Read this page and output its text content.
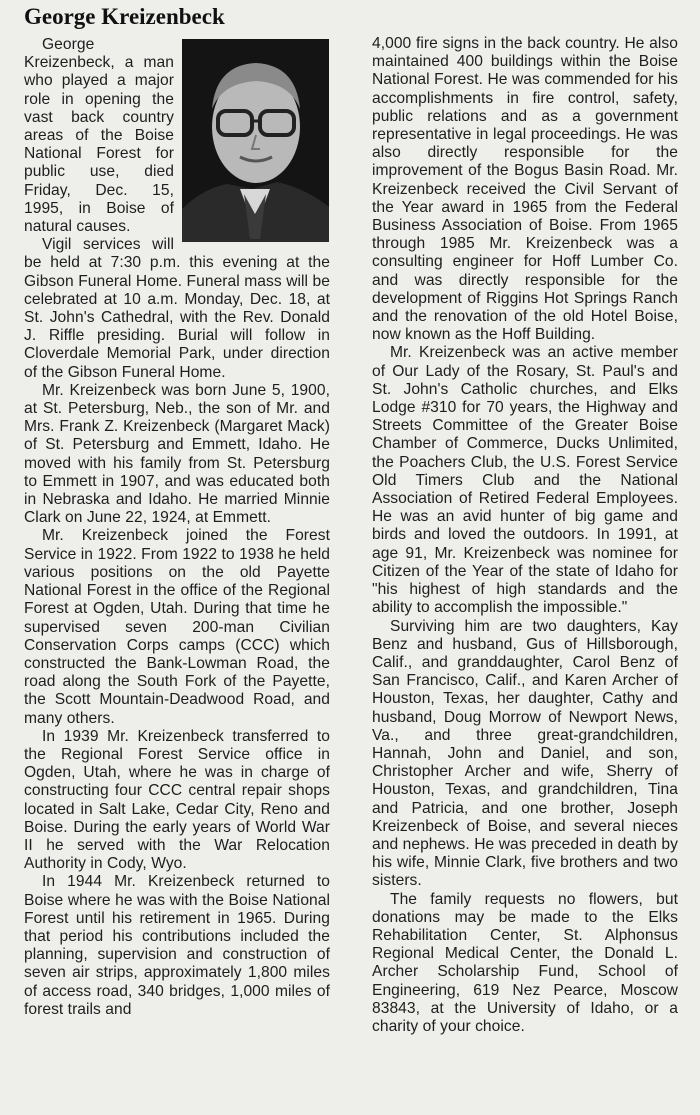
George Kreizenbeck

George Kreizenbeck, a man who played a major role in opening the vast back country areas of the Boise National Forest for public use, died Friday, Dec. 15, 1995, in Boise of natural causes.

Vigil services will be held at 7:30 p.m. this evening at the Gibson Funeral Home. Funeral mass will be celebrated at 10 a.m. Monday, Dec. 18, at St. John's Cathedral, with the Rev. Donald J. Riffle presiding. Burial will follow in Cloverdale Memorial Park, under direction of the Gibson Funeral Home.

Mr. Kreizenbeck was born June 5, 1900, at St. Petersburg, Neb., the son of Mr. and Mrs. Frank Z. Kreizenbeck (Margaret Mack) of St. Petersburg and Emmett, Idaho. He moved with his family from St. Petersburg to Emmett in 1907, and was educated both in Nebraska and Idaho. He married Minnie Clark on June 22, 1924, at Emmett.

Mr. Kreizenbeck joined the Forest Service in 1922. From 1922 to 1938 he held various positions on the old Payette National Forest in the office of the Regional Forest at Ogden, Utah. During that time he supervised seven 200-man Civilian Conservation Corps camps (CCC) which constructed the Bank-Lowman Road, the road along the South Fork of the Payette, the Scott Mountain-Deadwood Road, and many others.

In 1939 Mr. Kreizenbeck transferred to the Regional Forest Service office in Ogden, Utah, where he was in charge of constructing four CCC central repair shops located in Salt Lake, Cedar City, Reno and Boise. During the early years of World War II he served with the War Relocation Authority in Cody, Wyo.

In 1944 Mr. Kreizenbeck returned to Boise where he was with the Boise National Forest until his retirement in 1965. During that period his contributions included the planning, supervision and construction of seven air strips, approximately 1,800 miles of access road, 340 bridges, 1,000 miles of forest trails and

4,000 fire signs in the back country. He also maintained 400 buildings within the Boise National Forest. He was commended for his accomplishments in fire control, safety, public relations and as a government representative in legal proceedings. He was also directly responsible for the improvement of the Bogus Basin Road. Mr. Kreizenbeck received the Civil Servant of the Year award in 1965 from the Federal Business Association of Boise. From 1965 through 1985 Mr. Kreizenbeck was a consulting engineer for Hoff Lumber Co. and was directly responsible for the development of Riggins Hot Springs Ranch and the renovation of the old Hotel Boise, now known as the Hoff Building.

Mr. Kreizenbeck was an active member of Our Lady of the Rosary, St. Paul's and St. John's Catholic churches, and Elks Lodge #310 for 70 years, the Highway and Streets Committee of the Greater Boise Chamber of Commerce, Ducks Unlimited, the Poachers Club, the U.S. Forest Service Old Timers Club and the National Association of Retired Federal Employees. He was an avid hunter of big game and birds and loved the outdoors. In 1991, at age 91, Mr. Kreizenbeck was nominee for Citizen of the Year of the state of Idaho for "his highest of high standards and the ability to accomplish the impossible."

Surviving him are two daughters, Kay Benz and husband, Gus of Hillsborough, Calif., and granddaughter, Carol Benz of San Francisco, Calif., and Karen Archer of Houston, Texas, her daughter, Cathy and husband, Doug Morrow of Newport News, Va., and three great-grandchildren, Hannah, John and Daniel, and son, Christopher Archer and wife, Sherry of Houston, Texas, and grandchildren, Tina and Patricia, and one brother, Joseph Kreizenbeck of Boise, and several nieces and nephews. He was preceded in death by his wife, Minnie Clark, five brothers and two sisters.

The family requests no flowers, but donations may be made to the Elks Rehabilitation Center, St. Alphonsus Regional Medical Center, the Donald L. Archer Scholarship Fund, School of Engineering, 619 Nez Pearce, Moscow 83843, at the University of Idaho, or a charity of your choice.
